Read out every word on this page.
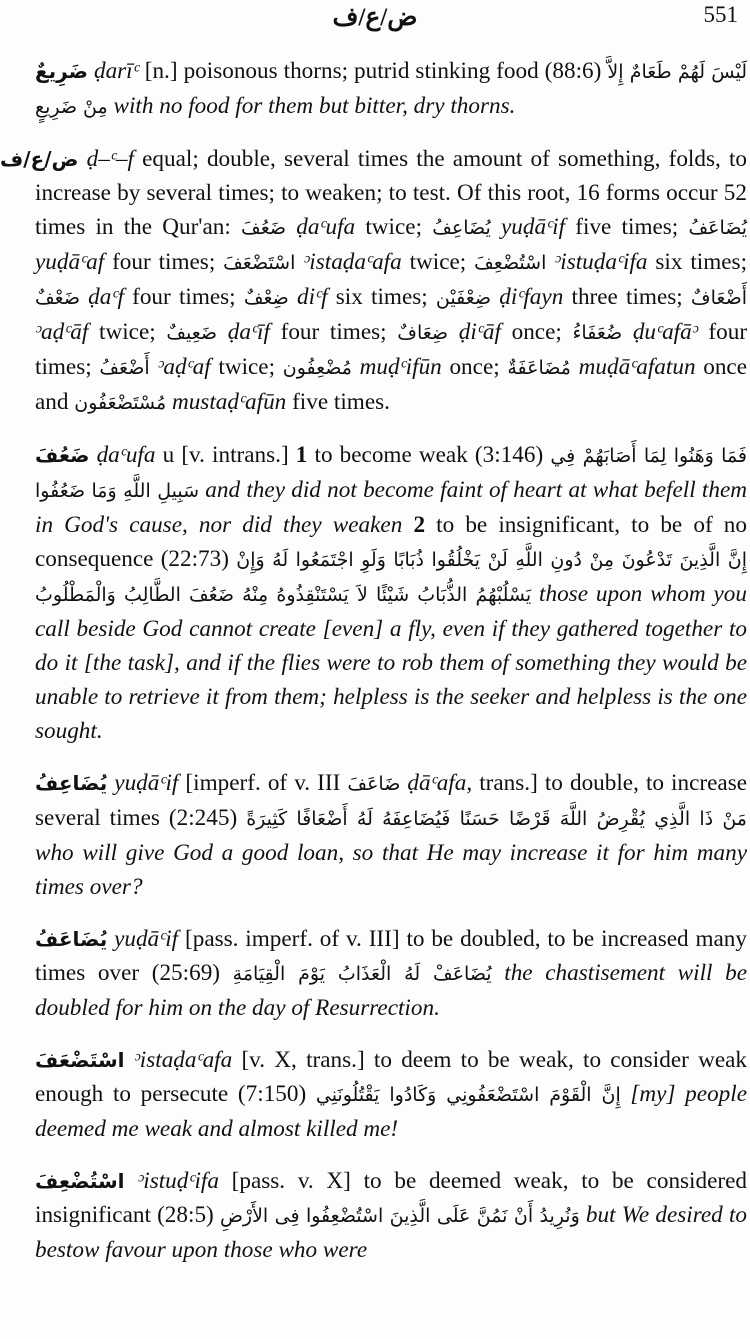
ض/ع/ف	551

ضَرِيعٌ ḍarīᶜ [n.] poisonous thorns; putrid stinking food (88:6) لَيْسَ لَهُمْ طَعَامٌ إِلاَّ مِنْ ضَرِيعٍ with no food for them but bitter, dry thorns.

ض/ع/ف ḍ–ᶜ–f equal; double, several times the amount of something, folds, to increase by several times; to weaken; to test. Of this root, 16 forms occur 52 times in the Qur'an: ضَعُفَ ḍaᶜufa twice; يُضَاعِفُ yuḍāᶜif five times; يُضَاعَفُ yuḍāᶜaf four times; اسْتَضْعَفَ ᵓistaḍaᶜafa twice; اسْتُضْعِفَ ᵓistuḍaᶜifa six times; ضَعْفٌ ḍaᶜf four times; ضِعْفٌ diᶜf six times; ضِعْفَيْن ḍiᶜfayn three times; أَضْعَافٌ ᵓaḍᶜāf twice; ضَعِيفٌ ḍaᶜīf four times; ضِعَافٌ ḍiᶜāf once; ضُعَفَاءُ ḍuᶜafāᵓ four times; أَضْعَفُ ᵓaḍᶜaf twice; مُضْعِفُون muḍᶜifūn once; مُضَاعَفَةٌ muḍāᶜafatun once and مُسْتَضْعَفُون mustaḍᶜafūn five times.

ضَعُفَ ḍaᶜufa u [v. intrans.] 1 to become weak (3:146) فَمَا وَهَنُوا لِمَا أَصَابَهُمْ فِي سَبِيلِ اللَّهِ وَمَا ضَعُفُوا and they did not become faint of heart at what befell them in God's cause, nor did they weaken 2 to be insignificant, to be of no consequence (22:73) إِنَّ الَّذِينَ تَدْعُونَ مِنْ دُونِ اللَّهِ لَنْ يَخْلُقُوا ذُبَابًا وَلَوِ اجْتَمَعُوا لَهُ وَإِنْ يَسْلُبْهُمُ الذُّبَابُ شَيْئًا لاَ يَسْتَنْقِذُوهُ مِنْهُ ضَعُفَ الطَّالِبُ وَالْمَطْلُوبُ those upon whom you call beside God cannot create [even] a fly, even if they gathered together to do it [the task], and if the flies were to rob them of something they would be unable to retrieve it from them; helpless is the seeker and helpless is the one sought.

يُضَاعِفُ yuḍāᶜif [imperf. of v. III ضَاعَفَ ḍāᶜafa, trans.] to double, to increase several times (2:245) مَنْ ذَا الَّذِي يُقْرِضُ اللَّهَ قَرْضًا حَسَنًا فَيُضَاعِفَهُ لَهُ أَضْعَافًا كَثِيرَةً who will give God a good loan, so that He may increase it for him many times over?

يُضَاعَفُ yuḍāᶜif [pass. imperf. of v. III] to be doubled, to be increased many times over (25:69) يُضَاعَفْ لَهُ الْعَذَابُ يَوْمَ الْقِيَامَةِ the chastisement will be doubled for him on the day of Resurrection.

اسْتَضْعَفَ ᵓistaḍaᶜafa [v. X, trans.] to deem to be weak, to consider weak enough to persecute (7:150) إِنَّ الْقَوْمَ اسْتَضْعَفُونِي وَكَادُوا يَقْتُلُونَنِي [my] people deemed me weak and almost killed me!

اسْتُضْعِفَ ᵓistuḍᶜifa [pass. v. X] to be deemed weak, to be considered insignificant (28:5) وَنُرِيدُ أَنْ نَمُنَّ عَلَى الَّذِينَ اسْتُضْعِفُوا فِى الأَرْضِ but We desired to bestow favour upon those who were
